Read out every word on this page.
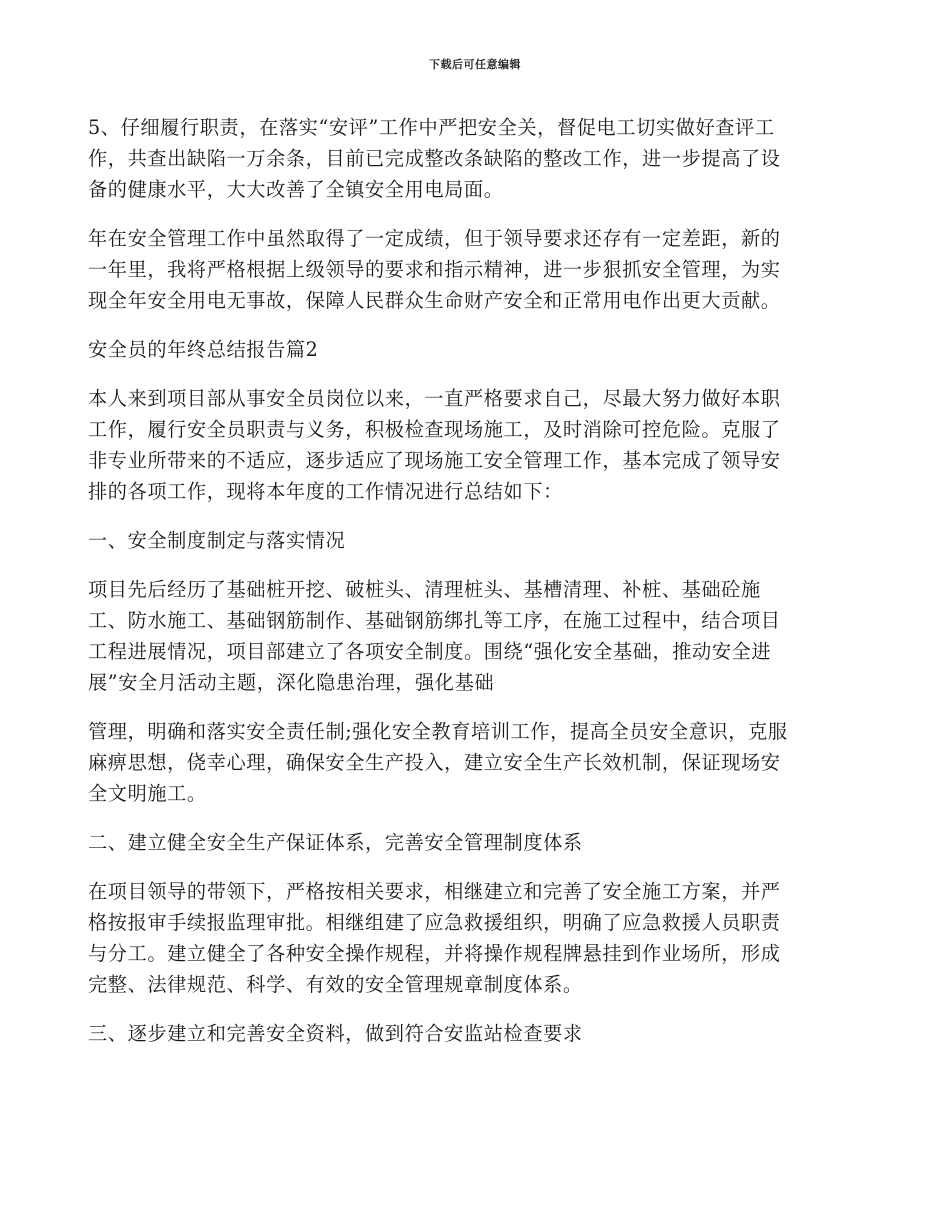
下载后可任意编辑

5、仔细履行职责，在落实“安评”工作中严把安全关，督促电工切实做好查评工
作，共查出缺陷一万余条，目前已完成整改条缺陷的整改工作，进一步提高了设
备的健康水平，大大改善了全镇安全用电局面。

年在安全管理工作中虽然取得了一定成绩，但于领导要求还存有一定差距，新的
一年里，我将严格根据上级领导的要求和指示精神，进一步狠抓安全管理，为实
现全年安全用电无事故，保障人民群众生命财产安全和正常用电作出更大贡献。

安全员的年终总结报告篇2

本人来到项目部从事安全员岗位以来，一直严格要求自己，尽最大努力做好本职
工作，履行安全员职责与义务，积极检查现场施工，及时消除可控危险。克服了
非专业所带来的不适应，逐步适应了现场施工安全管理工作，基本完成了领导安
排的各项工作，现将本年度的工作情况进行总结如下：

一、安全制度制定与落实情况

项目先后经历了基础桩开挖、破桩头、清理桩头、基槽清理、补桩、基础砼施
工、防水施工、基础钢筋制作、基础钢筋绑扎等工序，在施工过程中，结合项目
工程进展情况，项目部建立了各项安全制度。围绕“强化安全基础，推动安全进
展”安全月活动主题，深化隐患治理，强化基础

管理，明确和落实安全责任制;强化安全教育培训工作，提高全员安全意识，克服
麻痹思想，侥幸心理，确保安全生产投入，建立安全生产长效机制，保证现场安
全文明施工。

二、建立健全安全生产保证体系，完善安全管理制度体系

在项目领导的带领下，严格按相关要求，相继建立和完善了安全施工方案，并严
格按报审手续报监理审批。相继组建了应急救援组织，明确了应急救援人员职责
与分工。建立健全了各种安全操作规程，并将操作规程牌悬挂到作业场所，形成
完整、法律规范、科学、有效的安全管理规章制度体系。

三、逐步建立和完善安全资料，做到符合安监站检查要求
